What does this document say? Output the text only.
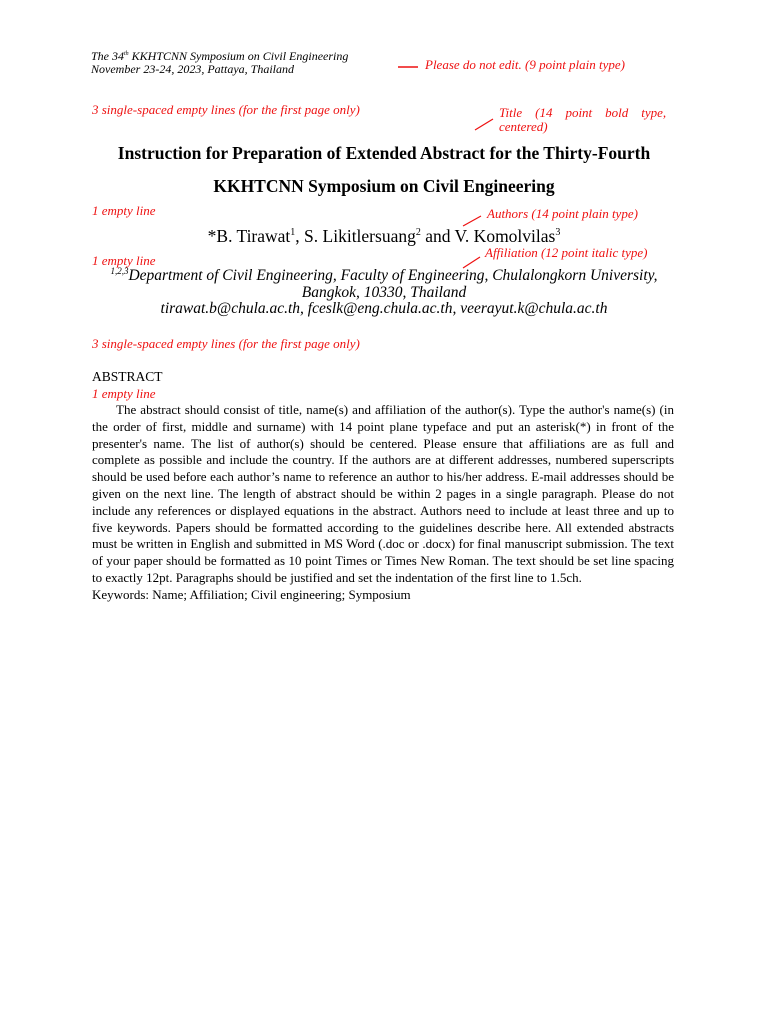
The 34th KKHTCNN Symposium on Civil Engineering
November 23-24, 2023, Pattaya, Thailand	Please do not edit. (9 point plain type)
3 single-spaced empty lines (for the first page only)	Title    (14    point    bold    type,
centered)
Instruction for Preparation of Extended Abstract for the Thirty-Fourth
KKHTCNN Symposium on Civil Engineering
1 empty line	Authors (14 point plain type)
*B. Tirawat$^1$, S. Likitlersuang$^2$ and V. Komolvilas$^3$
1 empty line
Affiliation (12 point italic type)
$^{1,2,3}$Department of Civil Engineering, Faculty of Engineering, Chulalongkorn University,
Bangkok, 10330, Thailand
tirawat.b@chula.ac.th, fceslk@eng.chula.ac.th, veerayut.k@chula.ac.th
3 single-spaced empty lines (for the first page only)
ABSTRACT
1 empty line

The abstract should consist of title, name(s) and affiliation of the author(s). Type the author's name(s) (in the order of first, middle and surname) with 14 point plane typeface and put an asterisk(*) in front of the presenter's name. The list of author(s) should be centered. Please ensure that affiliations are as full and complete as possible and include the country. If the authors are at different addresses, numbered superscripts should be used before each author’s name to reference an author to his/her address. E-mail addresses should be given on the next line. The length of abstract should be within 2 pages in a single paragraph. Please do not include any references or displayed equations in the abstract. Authors need to include at least three and up to five keywords. Papers should be formatted according to the guidelines describe here. All extended abstracts must be written in English and submitted in MS Word (.doc or .docx) for final manuscript submission. The text of your paper should be formatted as 10 point Times or Times New Roman. The text should be set line spacing to exactly 12pt. Paragraphs should be justified and set the indentation of the first line to 1.5ch.

Keywords: Name; Affiliation; Civil engineering; Symposium
